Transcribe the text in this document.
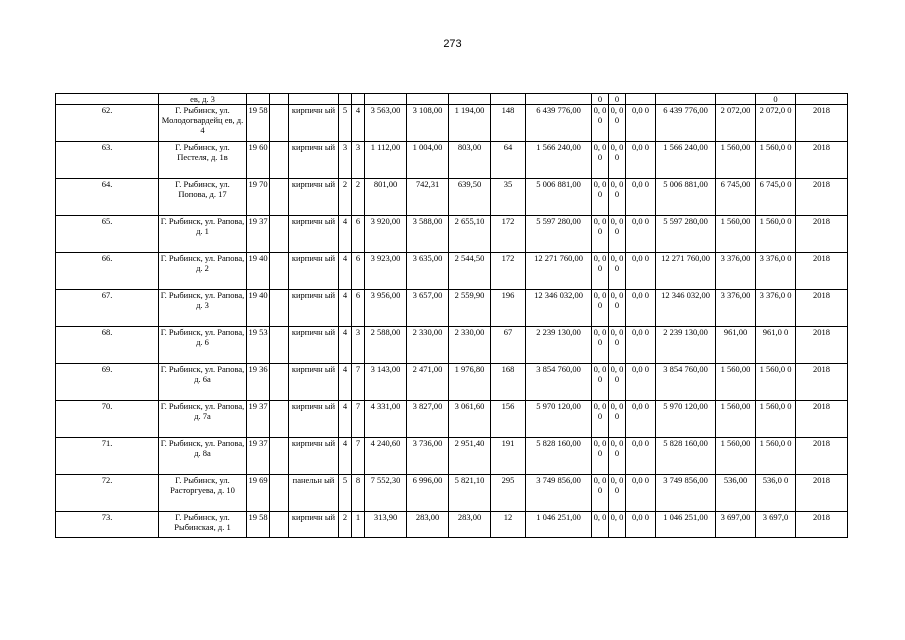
273
	ев, д. 3											0	0				0	
62.	Г. Рыбинск, ул. Молодогвардейц ев, д. 4	19 58		кирпичн ый	5	4	3 563,00	3 108,00	1 194,00	148	6 439 776,00	0, 0 0	0, 0 0	0,0 0	6 439 776,00	2 072,00	2 072,0 0	2018
63.	Г. Рыбинск, ул. Пестеля, д. 1в	19 60		кирпичн ый	3	3	1 112,00	1 004,00	803,00	64	1 566 240,00	0, 0 0	0, 0 0	0,0 0	1 566 240,00	1 560,00	1 560,0 0	2018
64.	Г. Рыбинск, ул. Попова, д. 17	19 70		кирпичн ый	2	2	801,00	742,31	639,50	35	5 006 881,00	0, 0 0	0, 0 0	0,0 0	5 006 881,00	6 745,00	6 745,0 0	2018
65.	Г. Рыбинск, ул. Рапова, д. 1	19 37		кирпичн ый	4	6	3 920,00	3 588,00	2 655,10	172	5 597 280,00	0, 0 0	0, 0 0	0,0 0	5 597 280,00	1 560,00	1 560,0 0	2018
66.	Г. Рыбинск, ул. Рапова, д. 2	19 40		кирпичн ый	4	6	3 923,00	3 635,00	2 544,50	172	12 271 760,00	0, 0 0	0, 0 0	0,0 0	12 271 760,00	3 376,00	3 376,0 0	2018
67.	Г. Рыбинск, ул. Рапова, д. 3	19 40		кирпичн ый	4	6	3 956,00	3 657,00	2 559,90	196	12 346 032,00	0, 0 0	0, 0 0	0,0 0	12 346 032,00	3 376,00	3 376,0 0	2018
68.	Г. Рыбинск, ул. Рапова, д. 6	19 53		кирпичн ый	4	3	2 588,00	2 330,00	2 330,00	67	2 239 130,00	0, 0 0	0, 0 0	0,0 0	2 239 130,00	961,00	961,0 0	2018
69.	Г. Рыбинск, ул. Рапова, д. 6а	19 36		кирпичн ый	4	7	3 143,00	2 471,00	1 976,80	168	3 854 760,00	0, 0 0	0, 0 0	0,0 0	3 854 760,00	1 560,00	1 560,0 0	2018
70.	Г. Рыбинск, ул. Рапова, д. 7а	19 37		кирпичн ый	4	7	4 331,00	3 827,00	3 061,60	156	5 970 120,00	0, 0 0	0, 0 0	0,0 0	5 970 120,00	1 560,00	1 560,0 0	2018
71.	Г. Рыбинск, ул. Рапова, д. 8а	19 37		кирпичн ый	4	7	4 240,60	3 736,00	2 951,40	191	5 828 160,00	0, 0 0	0, 0 0	0,0 0	5 828 160,00	1 560,00	1 560,0 0	2018
72.	Г. Рыбинск, ул. Расторгуева, д. 10	19 69		панельн ый	5	8	7 552,30	6 996,00	5 821,10	295	3 749 856,00	0, 0 0	0, 0 0	0,0 0	3 749 856,00	536,00	536,0 0	2018
73.	Г. Рыбинск, ул. Рыбинская, д. 1	19 58		кирпичн ый	2	1	313,90	283,00	283,00	12	1 046 251,00	0, 0	0, 0	0,0 0	1 046 251,00	3 697,00	3 697,0	2018
